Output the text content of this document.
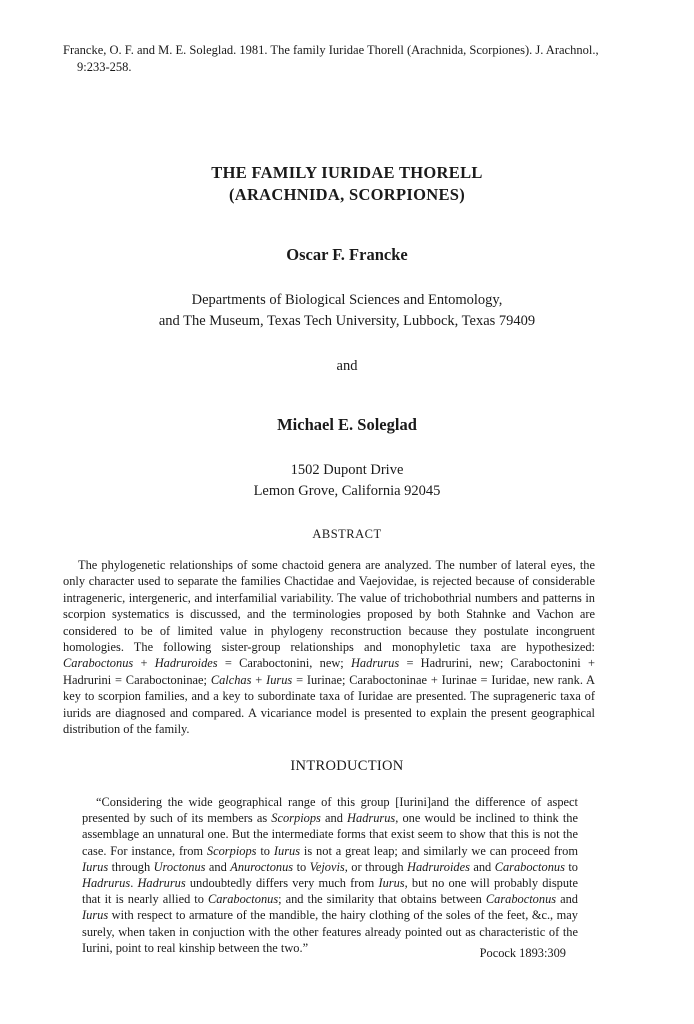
Francke, O. F. and M. E. Soleglad. 1981. The family Iuridae Thorell (Arachnida, Scorpiones). J. Arachnol., 9:233-258.
THE FAMILY IURIDAE THORELL
(ARACHNIDA, SCORPIONES)
Oscar F. Francke
Departments of Biological Sciences and Entomology,
and The Museum, Texas Tech University, Lubbock, Texas 79409
and
Michael E. Soleglad
1502 Dupont Drive
Lemon Grove, California 92045
ABSTRACT

The phylogenetic relationships of some chactoid genera are analyzed. The number of lateral eyes, the only character used to separate the families Chactidae and Vaejovidae, is rejected because of considerable intrageneric, intergeneric, and interfamilial variability. The value of trichobothrial numbers and patterns in scorpion systematics is discussed, and the terminologies proposed by both Stahnke and Vachon are considered to be of limited value in phylogeny reconstruction because they postulate incongruent homologies. The following sister-group relationships and monophyletic taxa are hypothesized: Caraboctonus + Hadruroides = Caraboctonini, new; Hadrurus = Hadrurini, new; Caraboctonini + Hadrurini = Caraboctoninae; Calchas + Iurus = Iurinae; Caraboctoninae + Iurinae = Iuridae, new rank. A key to scorpion families, and a key to subordinate taxa of Iuridae are presented. The suprageneric taxa of iurids are diagnosed and compared. A vicariance model is presented to explain the present geographical distribution of the family.

INTRODUCTION

“Considering the wide geographical range of this group [Iurini]and the difference of aspect presented by such of its members as Scorpiops and Hadrurus, one would be inclined to think the assemblage an unnatural one. But the intermediate forms that exist seem to show that this is not the case. For instance, from Scorpiops to Iurus is not a great leap; and similarly we can proceed from Iurus through Uroctonus and Anuroctonus to Vejovis, or through Hadruroides and Caraboctonus to Hadrurus. Hadrurus undoubtedly differs very much from Iurus, but no one will probably dispute that it is nearly allied to Caraboctonus; and the similarity that obtains between Caraboctonus and Iurus with respect to armature of the mandible, the hairy clothing of the soles of the feet, &c., may surely, when taken in conjuction with the other features already pointed out as characteristic of the Iurini, point to real kinship between the two.”	Pocock 1893:309
